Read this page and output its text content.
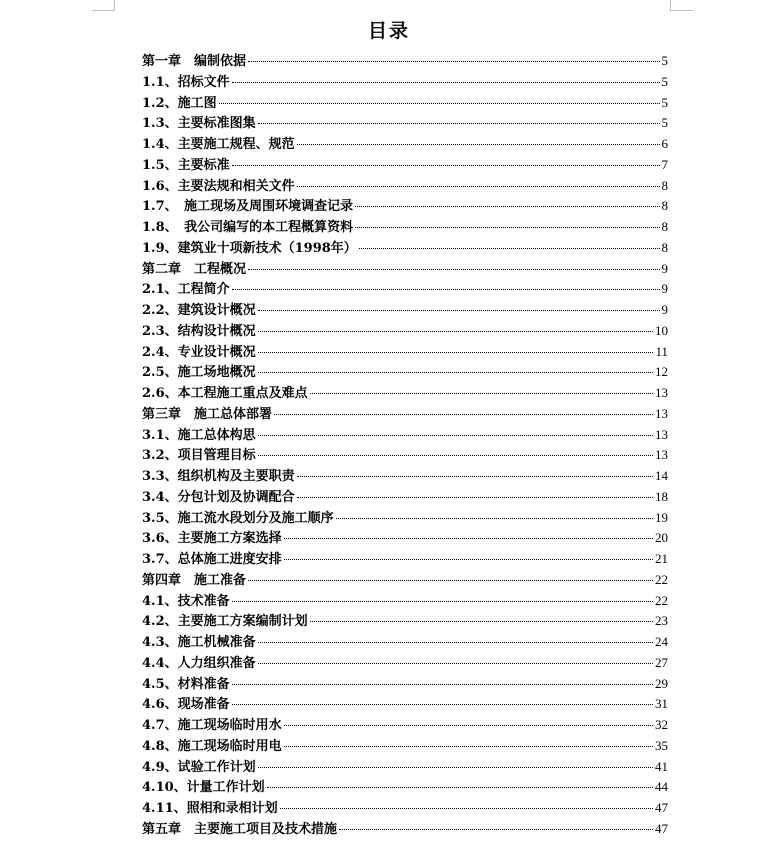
目录
第一章　编制依据	5
1.1、招标文件	5
1.2、施工图	5
1.3、主要标准图集	5
1.4、主要施工规程、规范	6
1.5、主要标准	7
1.6、主要法规和相关文件	8
1.7、　施工现场及周围环境调查记录	8
1.8、　我公司编写的本工程概算资料	8
1.9、建筑业十项新技术（1998年）	8
第二章　工程概况	9
2.1、工程简介	9
2.2、建筑设计概况	9
2.3、结构设计概况	10
2.4、专业设计概况	11
2.5、施工场地概况	12
2.6、本工程施工重点及难点	13
第三章　施工总体部署	13
3.1、施工总体构思	13
3.2、项目管理目标	13
3.3、组织机构及主要职责	14
3.4、分包计划及协调配合	18
3.5、施工流水段划分及施工顺序	19
3.6、主要施工方案选择	20
3.7、总体施工进度安排	21
第四章　施工准备	22
4.1、技术准备	22
4.2、主要施工方案编制计划	23
4.3、施工机械准备	24
4.4、人力组织准备	27
4.5、材料准备	29
4.6、现场准备	31
4.7、施工现场临时用水	32
4.8、施工现场临时用电	35
4.9、试验工作计划	41
4.10、计量工作计划	44
4.11、照相和录相计划	47
第五章　主要施工项目及技术措施	47
